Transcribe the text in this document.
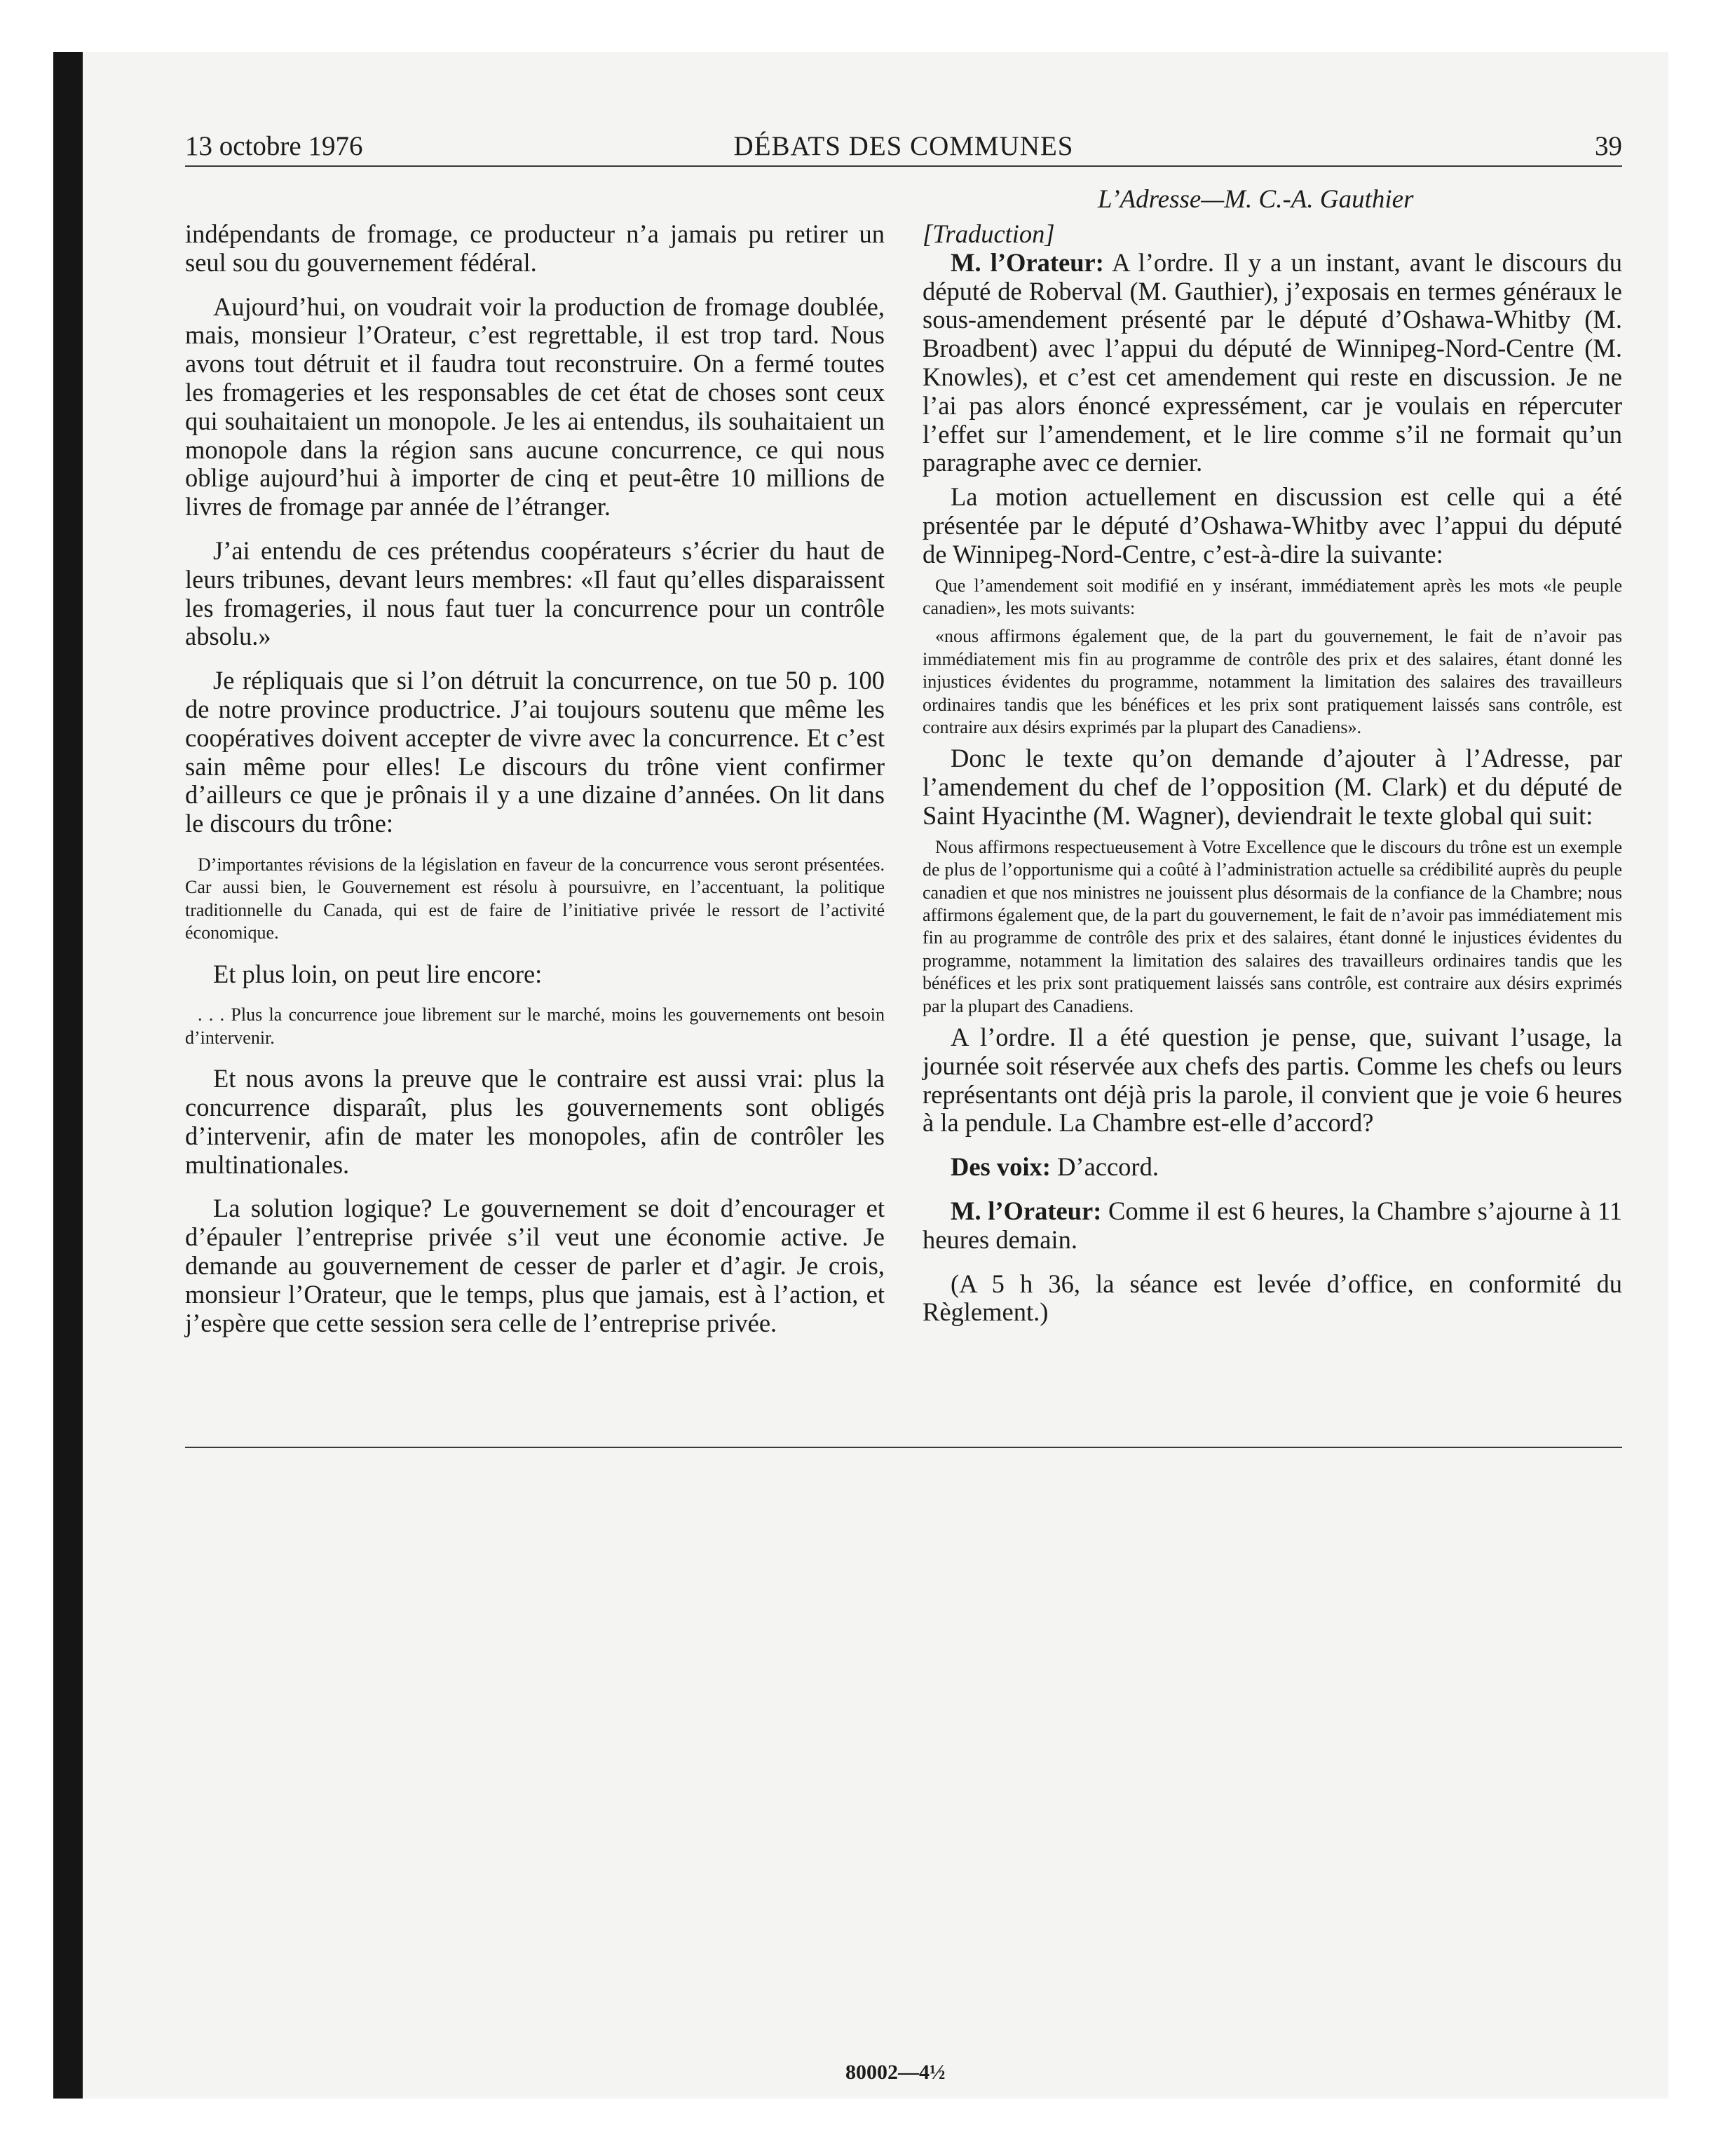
13 octobre 1976	DÉBATS DES COMMUNES	39
L’Adresse—M. C.-A. Gauthier

indépendants de fromage, ce producteur n’a jamais pu retirer un seul sou du gouvernement fédéral.

Aujourd’hui, on voudrait voir la production de fromage doublée, mais, monsieur l’Orateur, c’est regrettable, il est trop tard. Nous avons tout détruit et il faudra tout reconstruire. On a fermé toutes les fromageries et les responsables de cet état de choses sont ceux qui souhaitaient un monopole. Je les ai entendus, ils souhaitaient un monopole dans la région sans aucune concurrence, ce qui nous oblige aujourd’hui à importer de cinq et peut-être 10 millions de livres de fromage par année de l’étranger.

J’ai entendu de ces prétendus coopérateurs s’écrier du haut de leurs tribunes, devant leurs membres: «Il faut qu’elles disparaissent les fromageries, il nous faut tuer la concurrence pour un contrôle absolu.»

Je répliquais que si l’on détruit la concurrence, on tue 50 p. 100 de notre province productrice. J’ai toujours soutenu que même les coopératives doivent accepter de vivre avec la concurrence. Et c’est sain même pour elles! Le discours du trône vient confirmer d’ailleurs ce que je prônais il y a une dizaine d’années. On lit dans le discours du trône:

D’importantes révisions de la législation en faveur de la concurrence vous seront présentées. Car aussi bien, le Gouvernement est résolu à poursuivre, en l’accentuant, la politique traditionnelle du Canada, qui est de faire de l’initiative privée le ressort de l’activité économique.

Et plus loin, on peut lire encore:

. . . Plus la concurrence joue librement sur le marché, moins les gouvernements ont besoin d’intervenir.

Et nous avons la preuve que le contraire est aussi vrai: plus la concurrence disparaît, plus les gouvernements sont obligés d’intervenir, afin de mater les monopoles, afin de contrôler les multinationales.

La solution logique? Le gouvernement se doit d’encourager et d’épauler l’entreprise privée s’il veut une économie active. Je demande au gouvernement de cesser de parler et d’agir. Je crois, monsieur l’Orateur, que le temps, plus que jamais, est à l’action, et j’espère que cette session sera celle de l’entreprise privée.

[Traduction]

M. l’Orateur: A l’ordre. Il y a un instant, avant le discours du député de Roberval (M. Gauthier), j’exposais en termes généraux le sous-amendement présenté par le député d’Oshawa-Whitby (M. Broadbent) avec l’appui du député de Winnipeg-Nord-Centre (M. Knowles), et c’est cet amendement qui reste en discussion. Je ne l’ai pas alors énoncé expressément, car je voulais en répercuter l’effet sur l’amendement, et le lire comme s’il ne formait qu’un paragraphe avec ce dernier.

La motion actuellement en discussion est celle qui a été présentée par le député d’Oshawa-Whitby avec l’appui du député de Winnipeg-Nord-Centre, c’est-à-dire la suivante:

Que l’amendement soit modifié en y insérant, immédiatement après les mots «le peuple canadien», les mots suivants:

«nous affirmons également que, de la part du gouvernement, le fait de n’avoir pas immédiatement mis fin au programme de contrôle des prix et des salaires, étant donné les injustices évidentes du programme, notamment la limitation des salaires des travailleurs ordinaires tandis que les bénéfices et les prix sont pratiquement laissés sans contrôle, est contraire aux désirs exprimés par la plupart des Canadiens».

Donc le texte qu’on demande d’ajouter à l’Adresse, par l’amendement du chef de l’opposition (M. Clark) et du député de Saint Hyacinthe (M. Wagner), deviendrait le texte global qui suit:

Nous affirmons respectueusement à Votre Excellence que le discours du trône est un exemple de plus de l’opportunisme qui a coûté à l’administration actuelle sa crédibilité auprès du peuple canadien et que nos ministres ne jouissent plus désormais de la confiance de la Chambre; nous affirmons également que, de la part du gouvernement, le fait de n’avoir pas immédiatement mis fin au programme de contrôle des prix et des salaires, étant donné le injustices évidentes du programme, notamment la limitation des salaires des travailleurs ordinaires tandis que les bénéfices et les prix sont pratiquement laissés sans contrôle, est contraire aux désirs exprimés par la plupart des Canadiens.

A l’ordre. Il a été question je pense, que, suivant l’usage, la journée soit réservée aux chefs des partis. Comme les chefs ou leurs représentants ont déjà pris la parole, il convient que je voie 6 heures à la pendule. La Chambre est-elle d’accord?

Des voix: D’accord.

M. l’Orateur: Comme il est 6 heures, la Chambre s’ajourne à 11 heures demain.

(A 5 h 36, la séance est levée d’office, en conformité du Règlement.)

80002—4½
